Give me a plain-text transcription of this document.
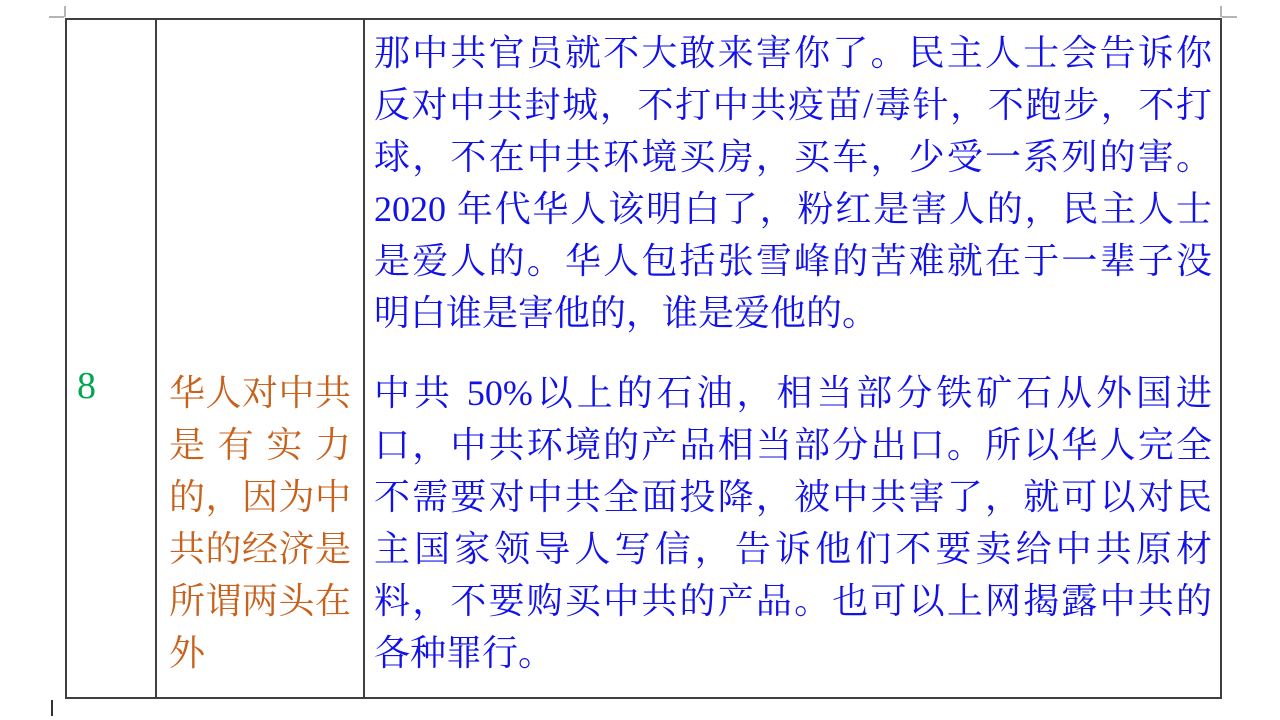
那中共官员就不大敢来害你了。民主人士会告诉你
反对中共封城，不打中共疫苗/毒针，不跑步，不打
球，不在中共环境买房，买车，少受一系列的害。
2020 年代华人该明白了，粉红是害人的，民主人士
是爱人的。华人包括张雪峰的苦难就在于一辈子没
明白谁是害他的，谁是爱他的。
8	华人对中共
是有实力
的，因为中
共的经济是
所谓两头在
外
中共 50%以上的石油，相当部分铁矿石从外国进
口，中共环境的产品相当部分出口。所以华人完全
不需要对中共全面投降，被中共害了，就可以对民
主国家领导人写信，告诉他们不要卖给中共原材
料，不要购买中共的产品。也可以上网揭露中共的
各种罪行。
